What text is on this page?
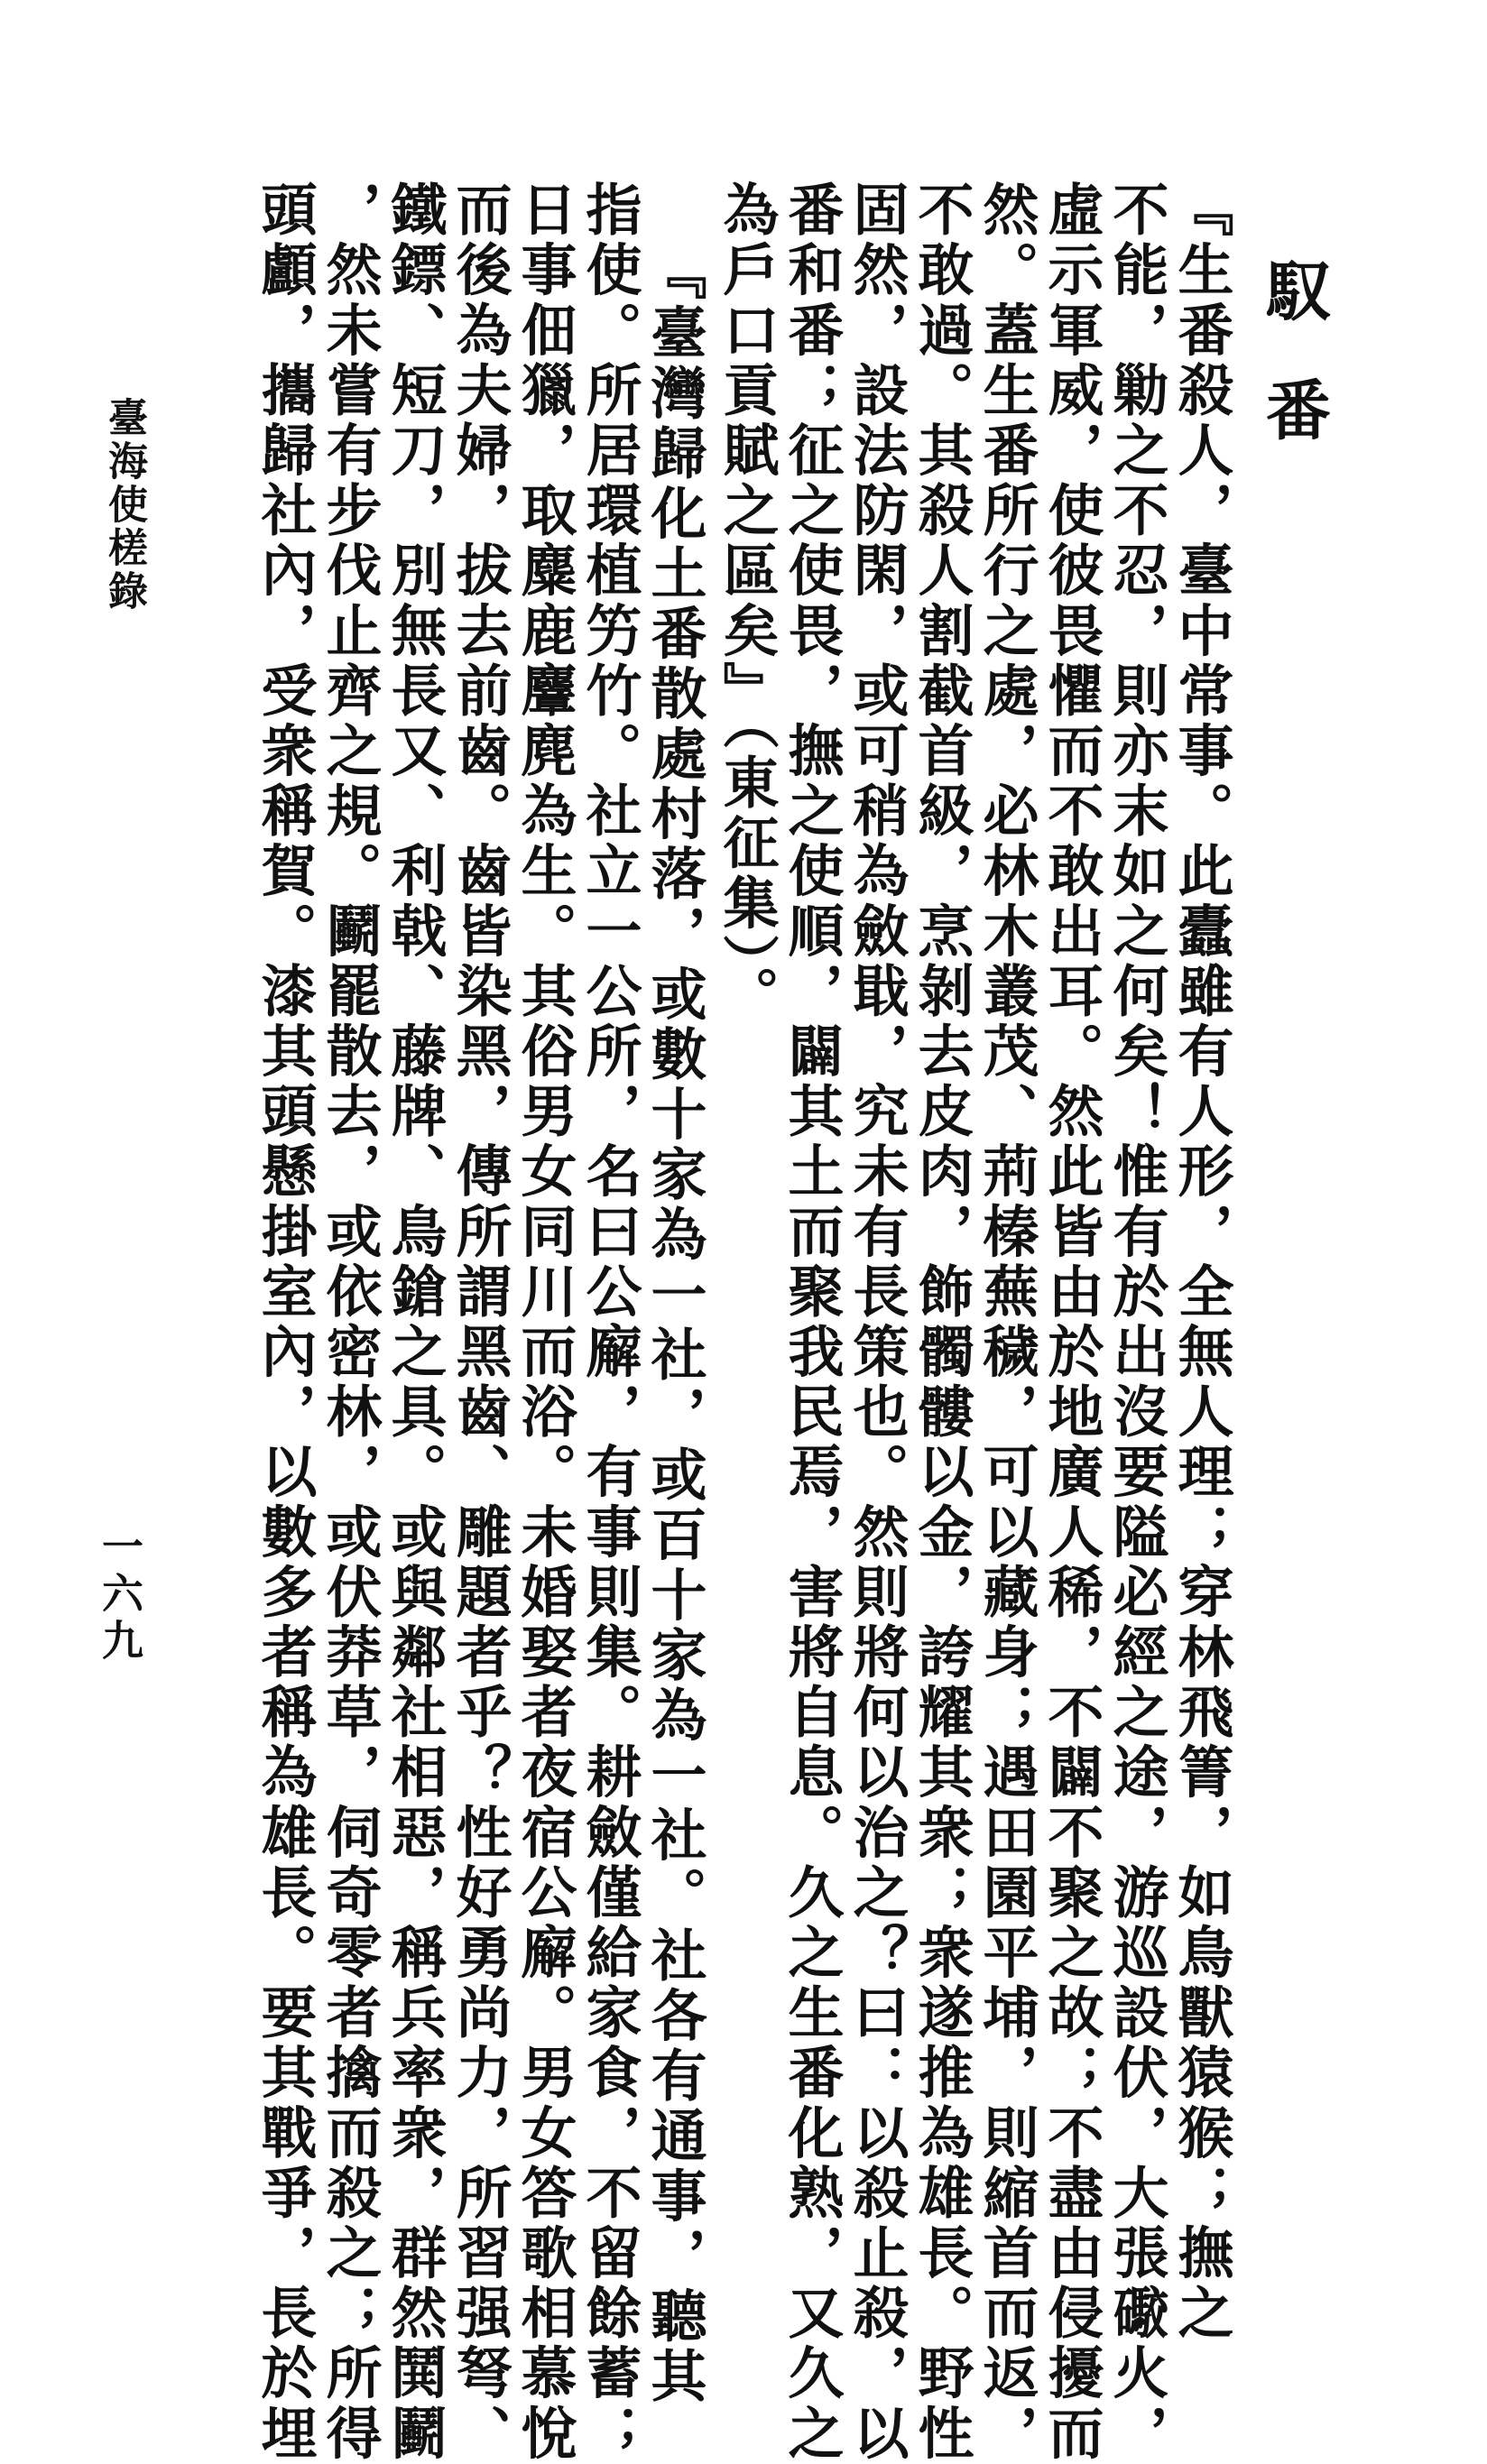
馭番
『生番殺人，臺中常事。此蠹雖有人形，全無人理；穿林飛箐，如鳥獸猿猴；撫之
不能，勦之不忍，則亦末如之何矣！惟有於出沒要隘必經之途，游巡設伏，大張礮火，
虛示軍威，使彼畏懼而不敢出耳。然此皆由於地廣人稀，不闢不聚之故；不盡由侵擾而
然。蓋生番所行之處，必林木叢茂、荊榛蕪穢，可以藏身；遇田園平埔，則縮首而返，
不敢過。其殺人割截首級，烹剝去皮肉，飾髑髏以金，誇耀其衆；衆遂推為雄長。野性
固然，設法防閑，或可稍為斂戢，究未有長策也。然則將何以治之？曰：以殺止殺，以
番和番；征之使畏，撫之使順，闢其土而聚我民焉，害將自息。久之生番化熟，又久之
為戶口貢賦之區矣』（東征集）。
『臺灣歸化土番散處村落，或數十家為一社，或百十家為一社。社各有通事，聽其
指使。所居環植竻竹。社立一公所，名曰公廨，有事則集。耕斂僅給家食，不留餘蓄；
日事佃獵，取麋鹿麞麂為生。其俗男女同川而浴。未婚娶者夜宿公廨。男女答歌相慕悅
而後為夫婦，拔去前齒。齒皆染黑，傳所謂黑齒、雕題者乎？性好勇尚力，所習强弩、
鐵鏢、短刀，別無長又、利戟、藤牌、鳥鎗之具。或與鄰社相惡，稱兵率衆，群然鬨鬬
，然未嘗有步伐止齊之規。鬬罷散去，或依密林，或伏莽草，伺奇零者擒而殺之；所得
頭顱，攜歸社內，受衆稱賀。漆其頭懸掛室內，以數多者稱為雄長。要其戰爭，長於埋
臺海使槎錄
一六九
